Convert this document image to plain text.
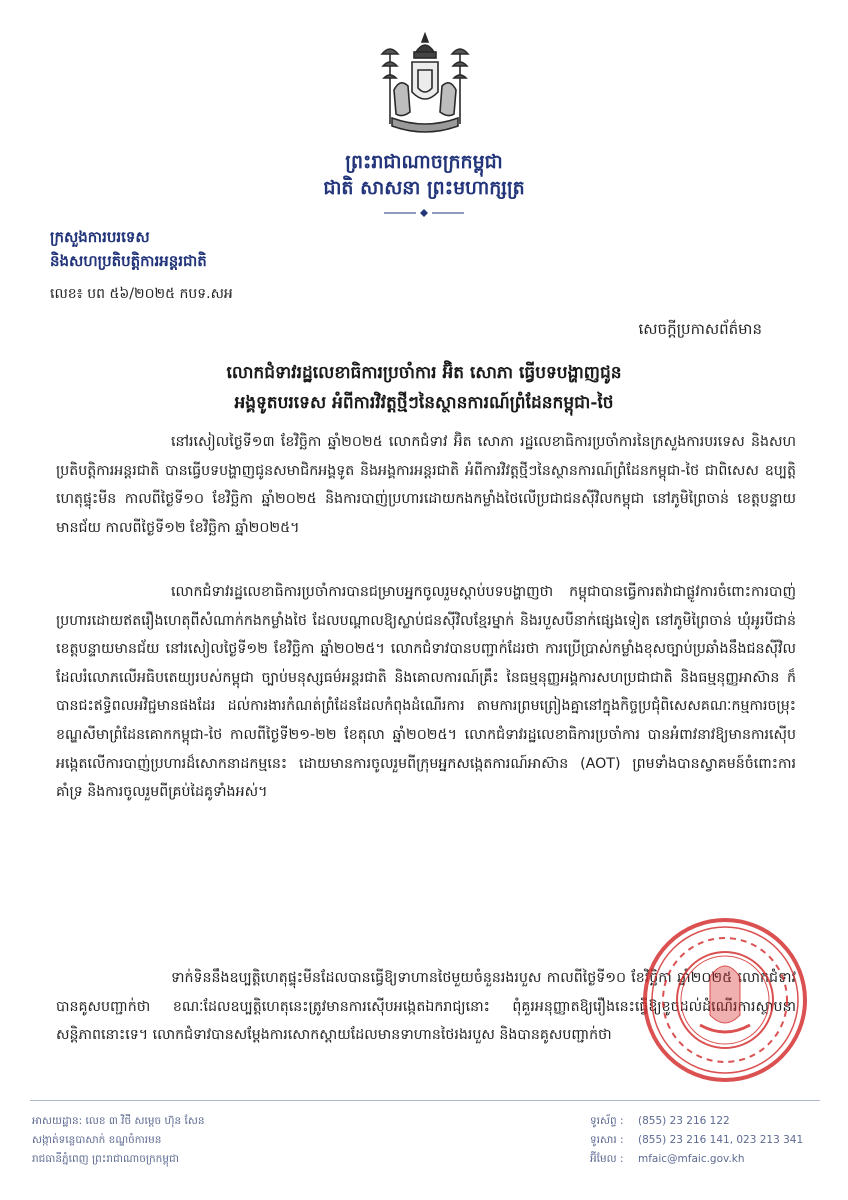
ព្រះរាជាណាចក្រកម្ពុជា
ជាតិ សាសនា ព្រះមហាក្សត្រ
ក្រសួងការបរទេស
និងសហប្រតិបត្តិការអន្តរជាតិ
លេខ៖ បព ៥៦/២០២៥ កបទ.សអ
សេចក្តីប្រកាសព័ត៌មាន
លោកជំទាវរដ្ឋលេខាធិការប្រចាំការ អ៊ិត សោភា ធ្វើបទបង្ហាញជូន
អង្គទូតបរទេស អំពីការវិវត្តថ្មីៗនៃស្ថានការណ៍ព្រំដែនកម្ពុជា-ថៃ

នៅរសៀលថ្ងៃទី១៣ ខែវិច្ឆិកា ឆ្នាំ២០២៥ លោកជំទាវ អ៊ិត សោភា រដ្ឋលេខាធិការប្រចាំការនៃក្រសួងការបរទេស និងសហប្រតិបត្តិការអន្តរជាតិ បានធ្វើបទបង្ហាញជូនសមាជិកអង្គទូត និងអង្គការអន្តរជាតិ អំពីការវិវត្តថ្មីៗនៃស្ថានការណ៍ព្រំដែនកម្ពុជា-ថៃ ជាពិសេស ឧប្បត្តិហេតុផ្ទុះមីន កាលពីថ្ងៃទី១០ ខែវិច្ឆិកា ឆ្នាំ២០២៥ និងការបាញ់ប្រហារដោយកងកម្លាំងថៃលើប្រជាជនស៊ីវិលកម្ពុជា នៅភូមិព្រៃចាន់ ខេត្តបន្ទាយមានជ័យ កាលពីថ្ងៃទី១២ ខែវិច្ឆិកា ឆ្នាំ២០២៥។

លោកជំទាវរដ្ឋលេខាធិការប្រចាំការបានជម្រាបអ្នកចូលរួមស្តាប់បទបង្ហាញថា កម្ពុជាបានធ្វើការតវ៉ាជាផ្លូវការចំពោះការបាញ់ប្រហារដោយឥតរឿងហេតុពីសំណាក់កងកម្លាំងថៃ ដែលបណ្តាលឱ្យស្លាប់ជនស៊ីវិលខ្មែរម្នាក់ និងរបួសបីនាក់ផ្សេងទៀត នៅភូមិព្រៃចាន់ ឃុំអូរបីជាន់ ខេត្តបន្ទាយមានជ័យ នៅរសៀលថ្ងៃទី១២ ខែវិច្ឆិកា ឆ្នាំ២០២៥។ លោកជំទាវបានបញ្ជាក់ដែរថា ការប្រើប្រាស់កម្លាំងខុសច្បាប់ប្រឆាំងនឹងជនស៊ីវិល ដែលរំលោភលើអធិបតេយ្យរបស់កម្ពុជា ច្បាប់មនុស្សធម៌អន្តរជាតិ និងគោលការណ៍គ្រឹះ នៃធម្មនុញ្ញអង្គការសហប្រជាជាតិ និងធម្មនុញ្ញអាស៊ាន ក៏បានជះឥទ្ធិពលអវិជ្ជមានផងដែរ ដល់ការងារកំណត់ព្រំដែនដែលកំពុងដំណើរការ តាមការព្រមព្រៀងគ្នានៅក្នុងកិច្ចប្រជុំពិសេសគណៈកម្មការចម្រុះខណ្ឌសីមាព្រំដែនគោកកម្ពុជា-ថៃ កាលពីថ្ងៃទី២១-២២ ខែតុលា ឆ្នាំ២០២៥។ លោកជំទាវរដ្ឋលេខាធិការប្រចាំការ បានអំពាវនាវឱ្យមានការស៊ើបអង្កេតលើការបាញ់ប្រហារដ៏សោកនាដកម្មនេះ ដោយមានការចូលរួមពីក្រុមអ្នកសង្កេតការណ៍អាស៊ាន (AOT) ព្រមទាំងបានស្វាគមន៍ចំពោះការគាំទ្រ និងការចូលរួមពីគ្រប់ដៃគូទាំងអស់។

ទាក់ទិននឹងឧប្បត្តិហេតុផ្ទុះមីនដែលបានធ្វើឱ្យទាហានថៃមួយចំនួនរងរបួស កាលពីថ្ងៃទី១០ ខែវិច្ឆិកា ឆ្នាំ២០២៥ លោកជំទាវបានគូសបញ្ជាក់ថា ខណៈដែលឧប្បត្តិហេតុនេះត្រូវមានការស៊ើបអង្កេតឯករាជ្យនោះ ពុំគួរអនុញ្ញាតឱ្យរឿងនេះធ្វើឱ្យខូចដល់ដំណើរការស្ថាបនាសន្តិភាពនោះទេ។ លោកជំទាវបានសម្តែងការសោកស្តាយដែលមានទាហានថៃរងរបួស និងបានគូសបញ្ជាក់ថា

អាសយដ្ឋាន: លេខ ៣ វិថី សម្តេច ហ៊ុន សែន
សង្កាត់ទន្លេបាសាក់ ខណ្ឌចំការមន
រាជធានីភ្នំពេញ ព្រះរាជាណាចក្រកម្ពុជា
ទូរស័ព្ទ : (855) 23 216 122
ទូរសារ : (855) 23 216 141, 023 213 341
អ៊ីមែល : mfaic@mfaic.gov.kh
